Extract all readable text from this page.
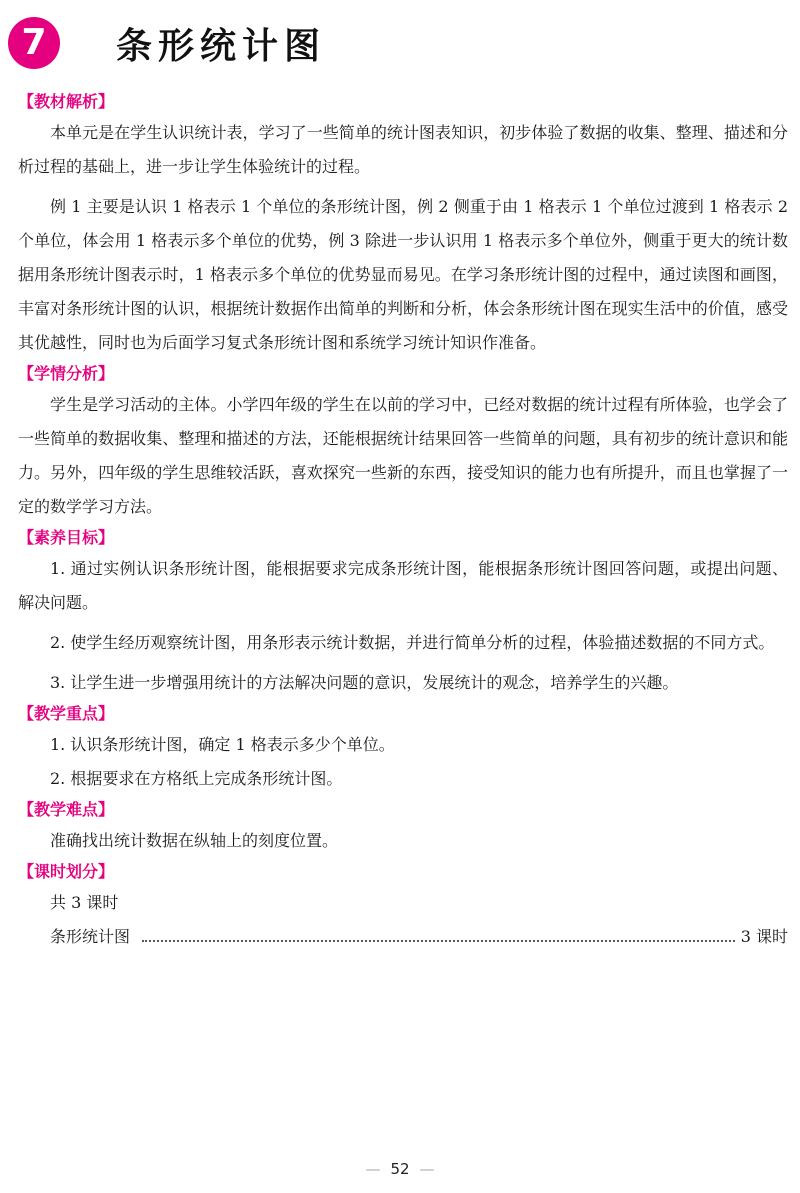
7	条形统计图
【教材解析】

本单元是在学生认识统计表，学习了一些简单的统计图表知识，初步体验了数据的收集、整理、描述和分析过程的基础上，进一步让学生体验统计的过程。

例 1 主要是认识 1 格表示 1 个单位的条形统计图，例 2 侧重于由 1 格表示 1 个单位过渡到 1 格表示 2 个单位，体会用 1 格表示多个单位的优势，例 3 除进一步认识用 1 格表示多个单位外，侧重于更大的统计数据用条形统计图表示时，1 格表示多个单位的优势显而易见。在学习条形统计图的过程中，通过读图和画图，丰富对条形统计图的认识，根据统计数据作出简单的判断和分析，体会条形统计图在现实生活中的价值，感受其优越性，同时也为后面学习复式条形统计图和系统学习统计知识作准备。

【学情分析】

学生是学习活动的主体。小学四年级的学生在以前的学习中，已经对数据的统计过程有所体验，也学会了一些简单的数据收集、整理和描述的方法，还能根据统计结果回答一些简单的问题，具有初步的统计意识和能力。另外，四年级的学生思维较活跃，喜欢探究一些新的东西，接受知识的能力也有所提升，而且也掌握了一定的数学学习方法。

【素养目标】

1. 通过实例认识条形统计图，能根据要求完成条形统计图，能根据条形统计图回答问题，或提出问题、解决问题。

2. 使学生经历观察统计图，用条形表示统计数据，并进行简单分析的过程，体验描述数据的不同方式。

3. 让学生进一步增强用统计的方法解决问题的意识，发展统计的观念，培养学生的兴趣。

【教学重点】

1. 认识条形统计图，确定 1 格表示多少个单位。

2. 根据要求在方格纸上完成条形统计图。

【教学难点】

准确找出统计数据在纵轴上的刻度位置。

【课时划分】

共 3 课时

条形统计图	3 课时
— 52 —
